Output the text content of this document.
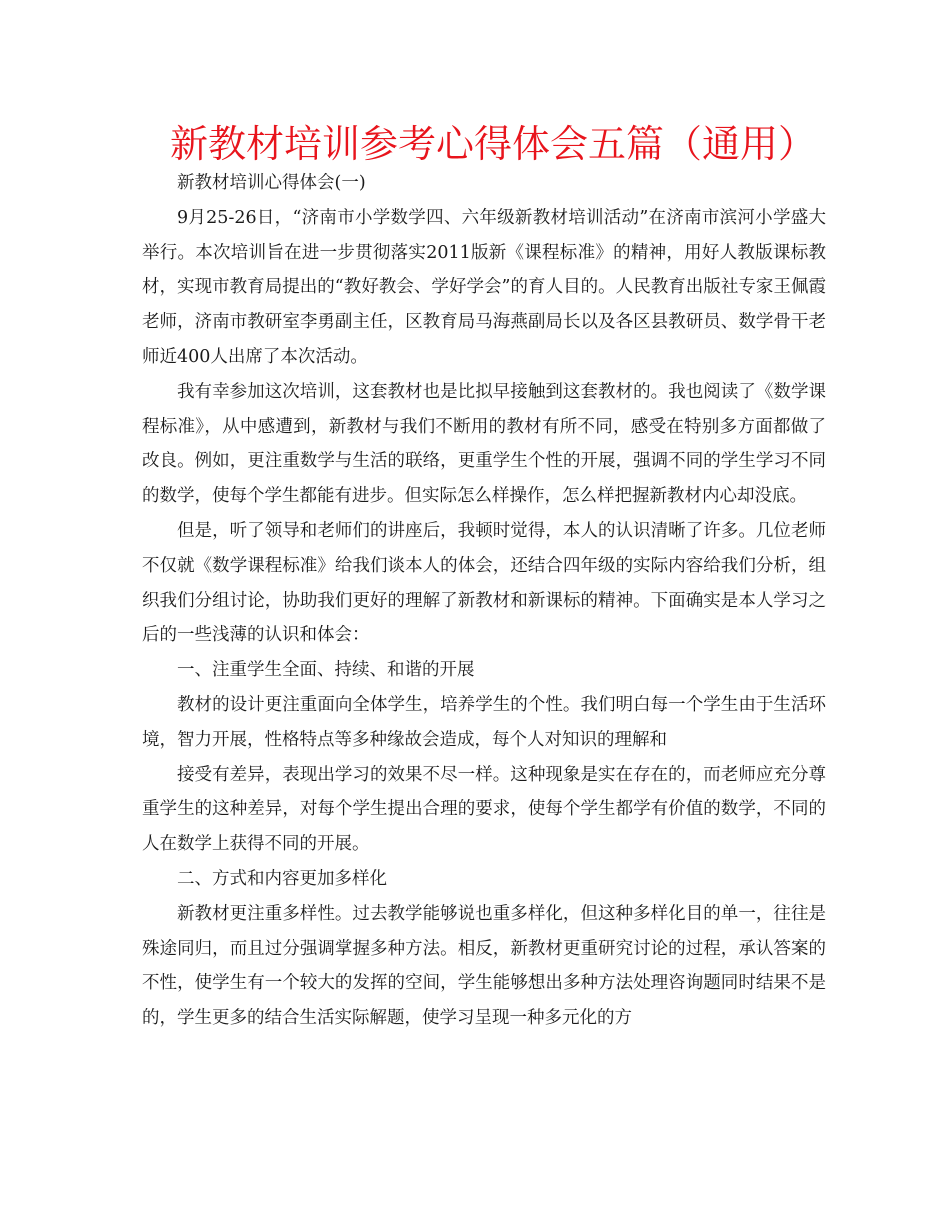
新教材培训参考心得体会五篇（通用）

新教材培训心得体会(一)

9月25-26日，“济南市小学数学四、六年级新教材培训活动”在济南市滨河小学盛大举行。本次培训旨在进一步贯彻落实2011版新《课程标准》的精神，用好人教版课标教材，实现市教育局提出的“教好教会、学好学会”的育人目的。人民教育出版社专家王佩霞老师，济南市教研室李勇副主任，区教育局马海燕副局长以及各区县教研员、数学骨干老师近400人出席了本次活动。

我有幸参加这次培训，这套教材也是比拟早接触到这套教材的。我也阅读了《数学课程标准》，从中感遭到，新教材与我们不断用的教材有所不同，感受在特别多方面都做了改良。例如，更注重数学与生活的联络，更重学生个性的开展，强调不同的学生学习不同的数学，使每个学生都能有进步。但实际怎么样操作，怎么样把握新教材内心却没底。

但是，听了领导和老师们的讲座后，我顿时觉得，本人的认识清晰了许多。几位老师不仅就《数学课程标准》给我们谈本人的体会，还结合四年级的实际内容给我们分析，组织我们分组讨论，协助我们更好的理解了新教材和新课标的精神。下面确实是本人学习之后的一些浅薄的认识和体会：

一、注重学生全面、持续、和谐的开展

教材的设计更注重面向全体学生，培养学生的个性。我们明白每一个学生由于生活环境，智力开展，性格特点等多种缘故会造成，每个人对知识的理解和

接受有差异，表现出学习的效果不尽一样。这种现象是实在存在的，而老师应充分尊重学生的这种差异，对每个学生提出合理的要求，使每个学生都学有价值的数学，不同的人在数学上获得不同的开展。

二、方式和内容更加多样化

新教材更注重多样性。过去教学能够说也重多样化，但这种多样化目的单一，往往是殊途同归，而且过分强调掌握多种方法。相反，新教材更重研究讨论的过程，承认答案的不性，使学生有一个较大的发挥的空间，学生能够想出多种方法处理咨询题同时结果不是的，学生更多的结合生活实际解题，使学习呈现一种多元化的方
